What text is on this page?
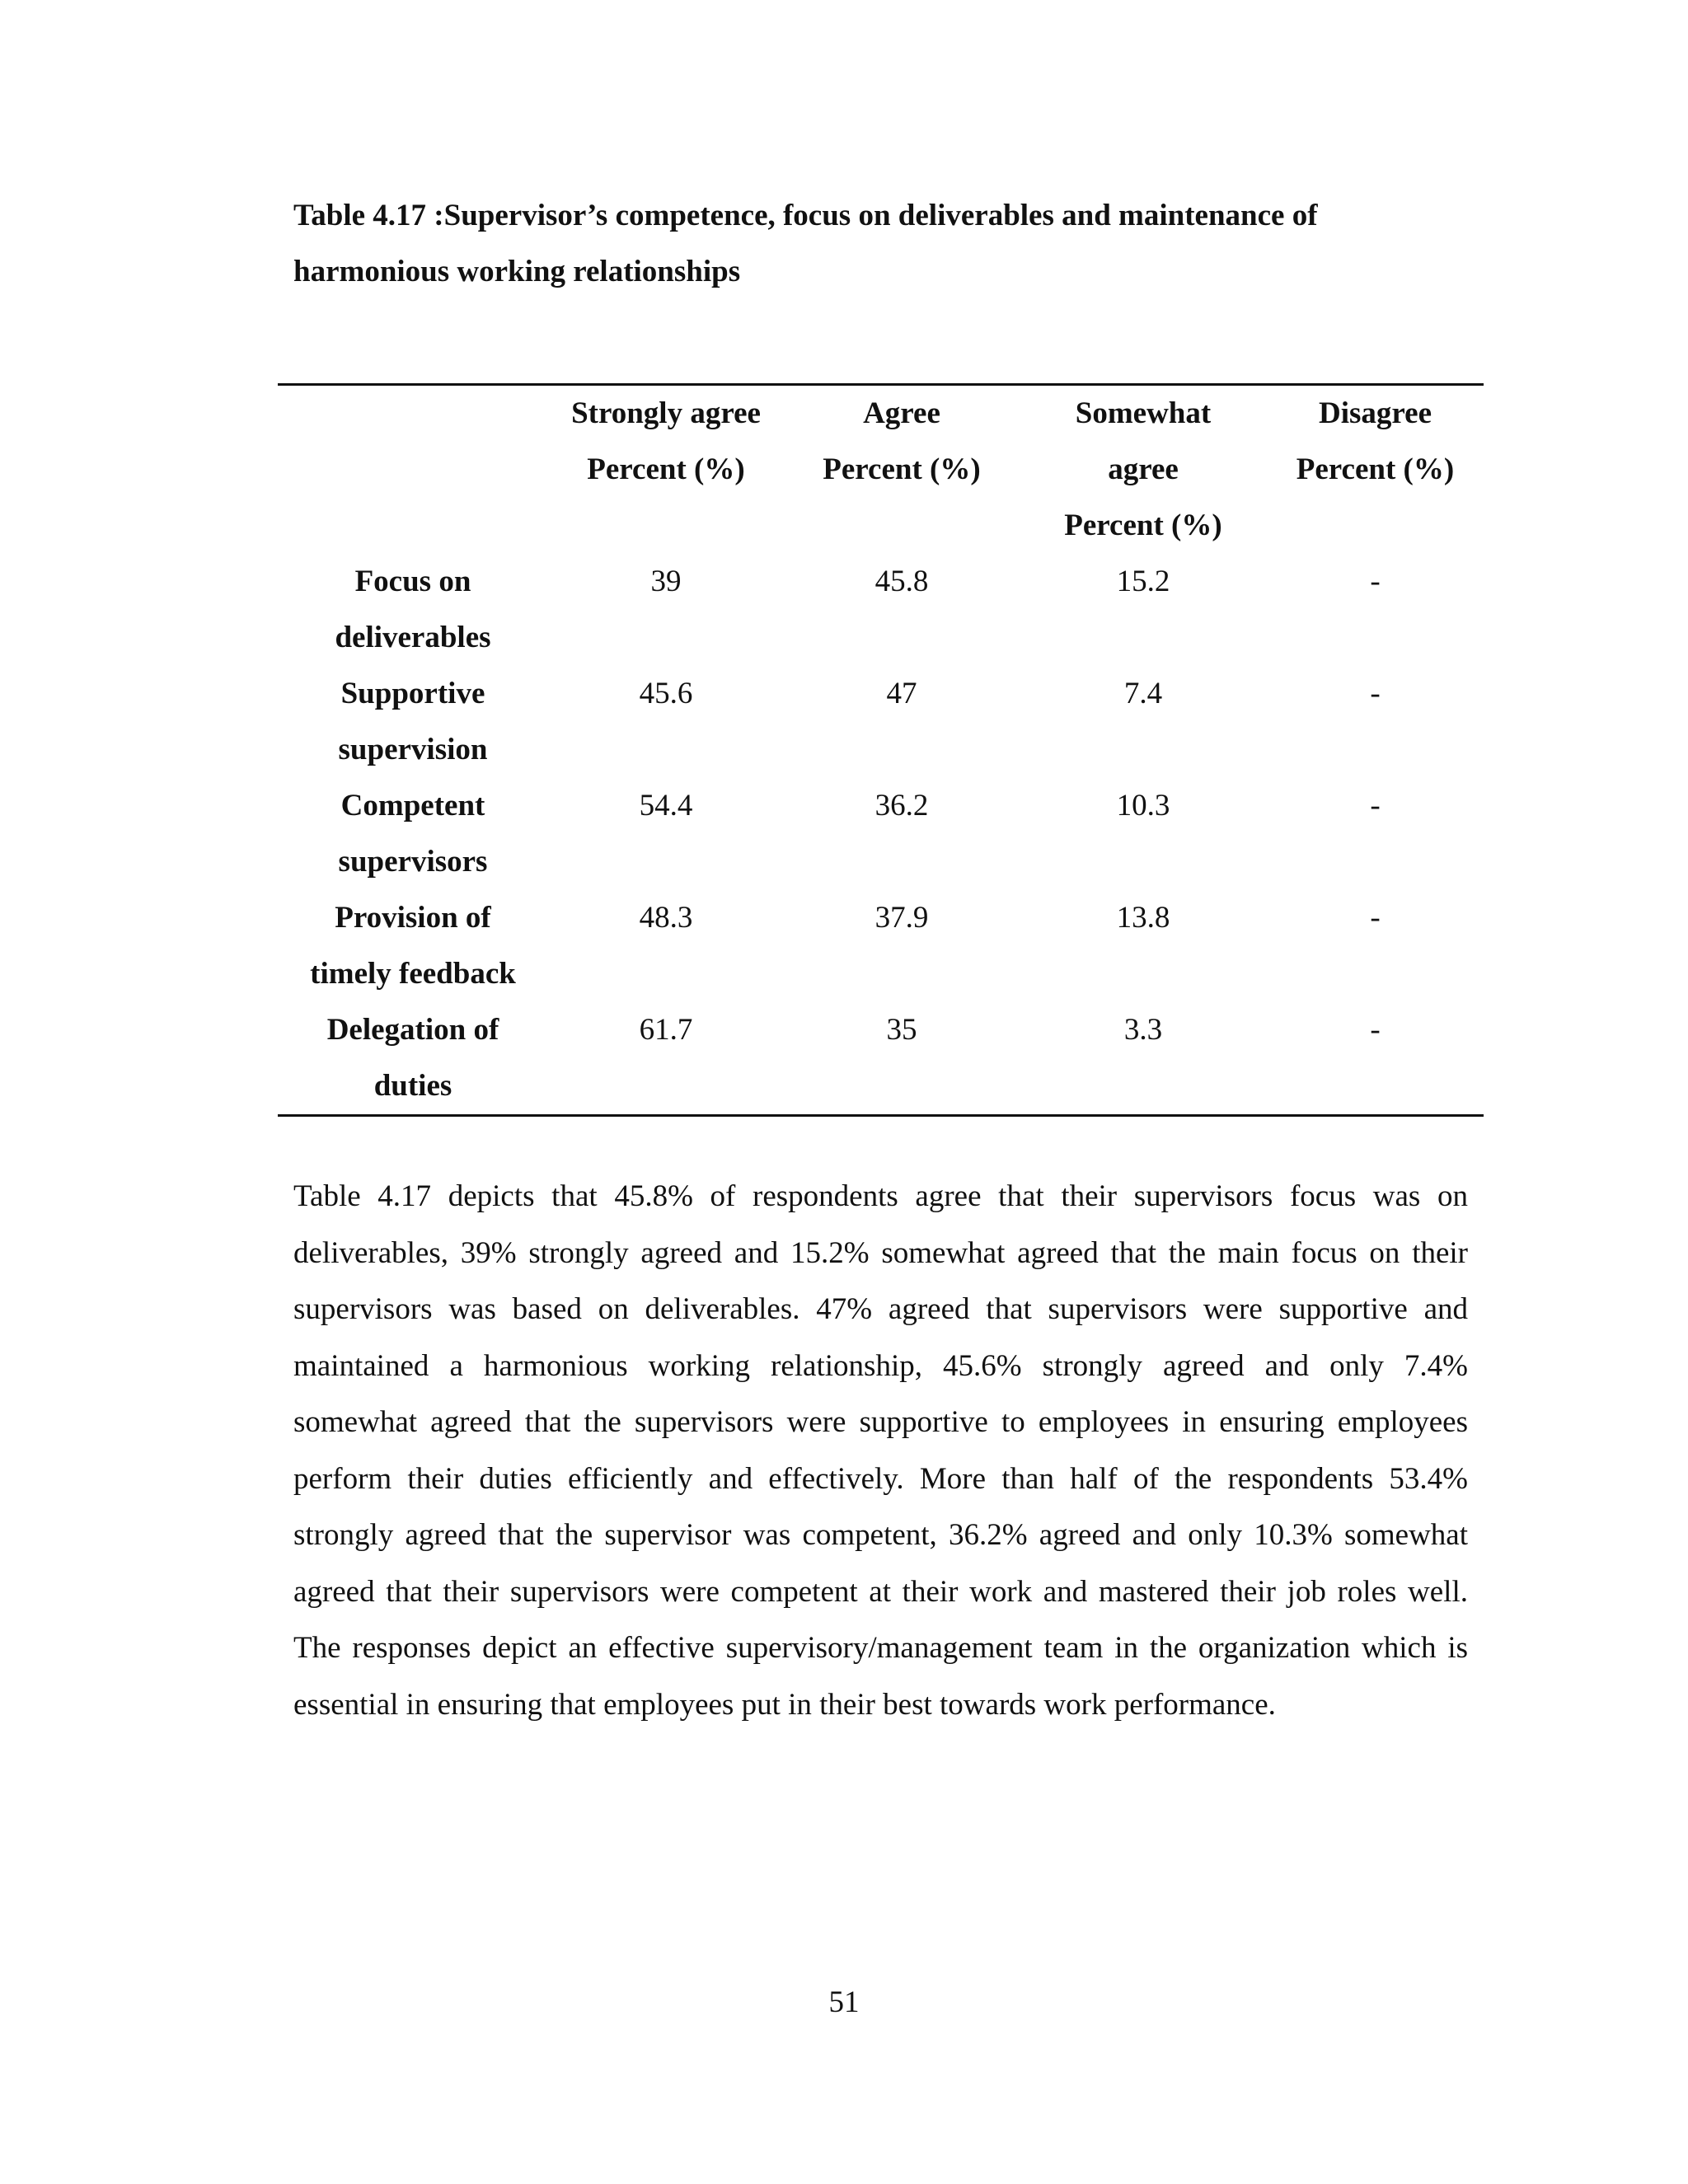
Table 4.17 :Supervisor’s competence, focus on deliverables and maintenance of
harmonious working relationships

	Strongly agree
Percent (%)	Agree
Percent (%)	Somewhat
agree
Percent (%)	Disagree
Percent (%)

Focus on
deliverables	39	45.8	15.2	-

Supportive
supervision	45.6	47	7.4	-

Competent
supervisors	54.4	36.2	10.3	-

Provision of
timely feedback	48.3	37.9	13.8	-

Delegation of
duties	61.7	35	3.3	-

Table 4.17 depicts that 45.8% of respondents agree that their supervisors focus was on deliverables, 39% strongly agreed and 15.2% somewhat agreed that the main focus on their supervisors was based on deliverables. 47% agreed that supervisors were supportive and maintained a harmonious working relationship, 45.6% strongly agreed and only 7.4% somewhat agreed that the supervisors were supportive to employees in ensuring employees perform their duties efficiently and effectively. More than half of the respondents 53.4% strongly agreed that the supervisor was competent, 36.2% agreed and only 10.3% somewhat agreed that their supervisors were competent at their work and mastered their job roles well. The responses depict an effective supervisory/management team in the organization which is essential in ensuring that employees put in their best towards work performance.

51
